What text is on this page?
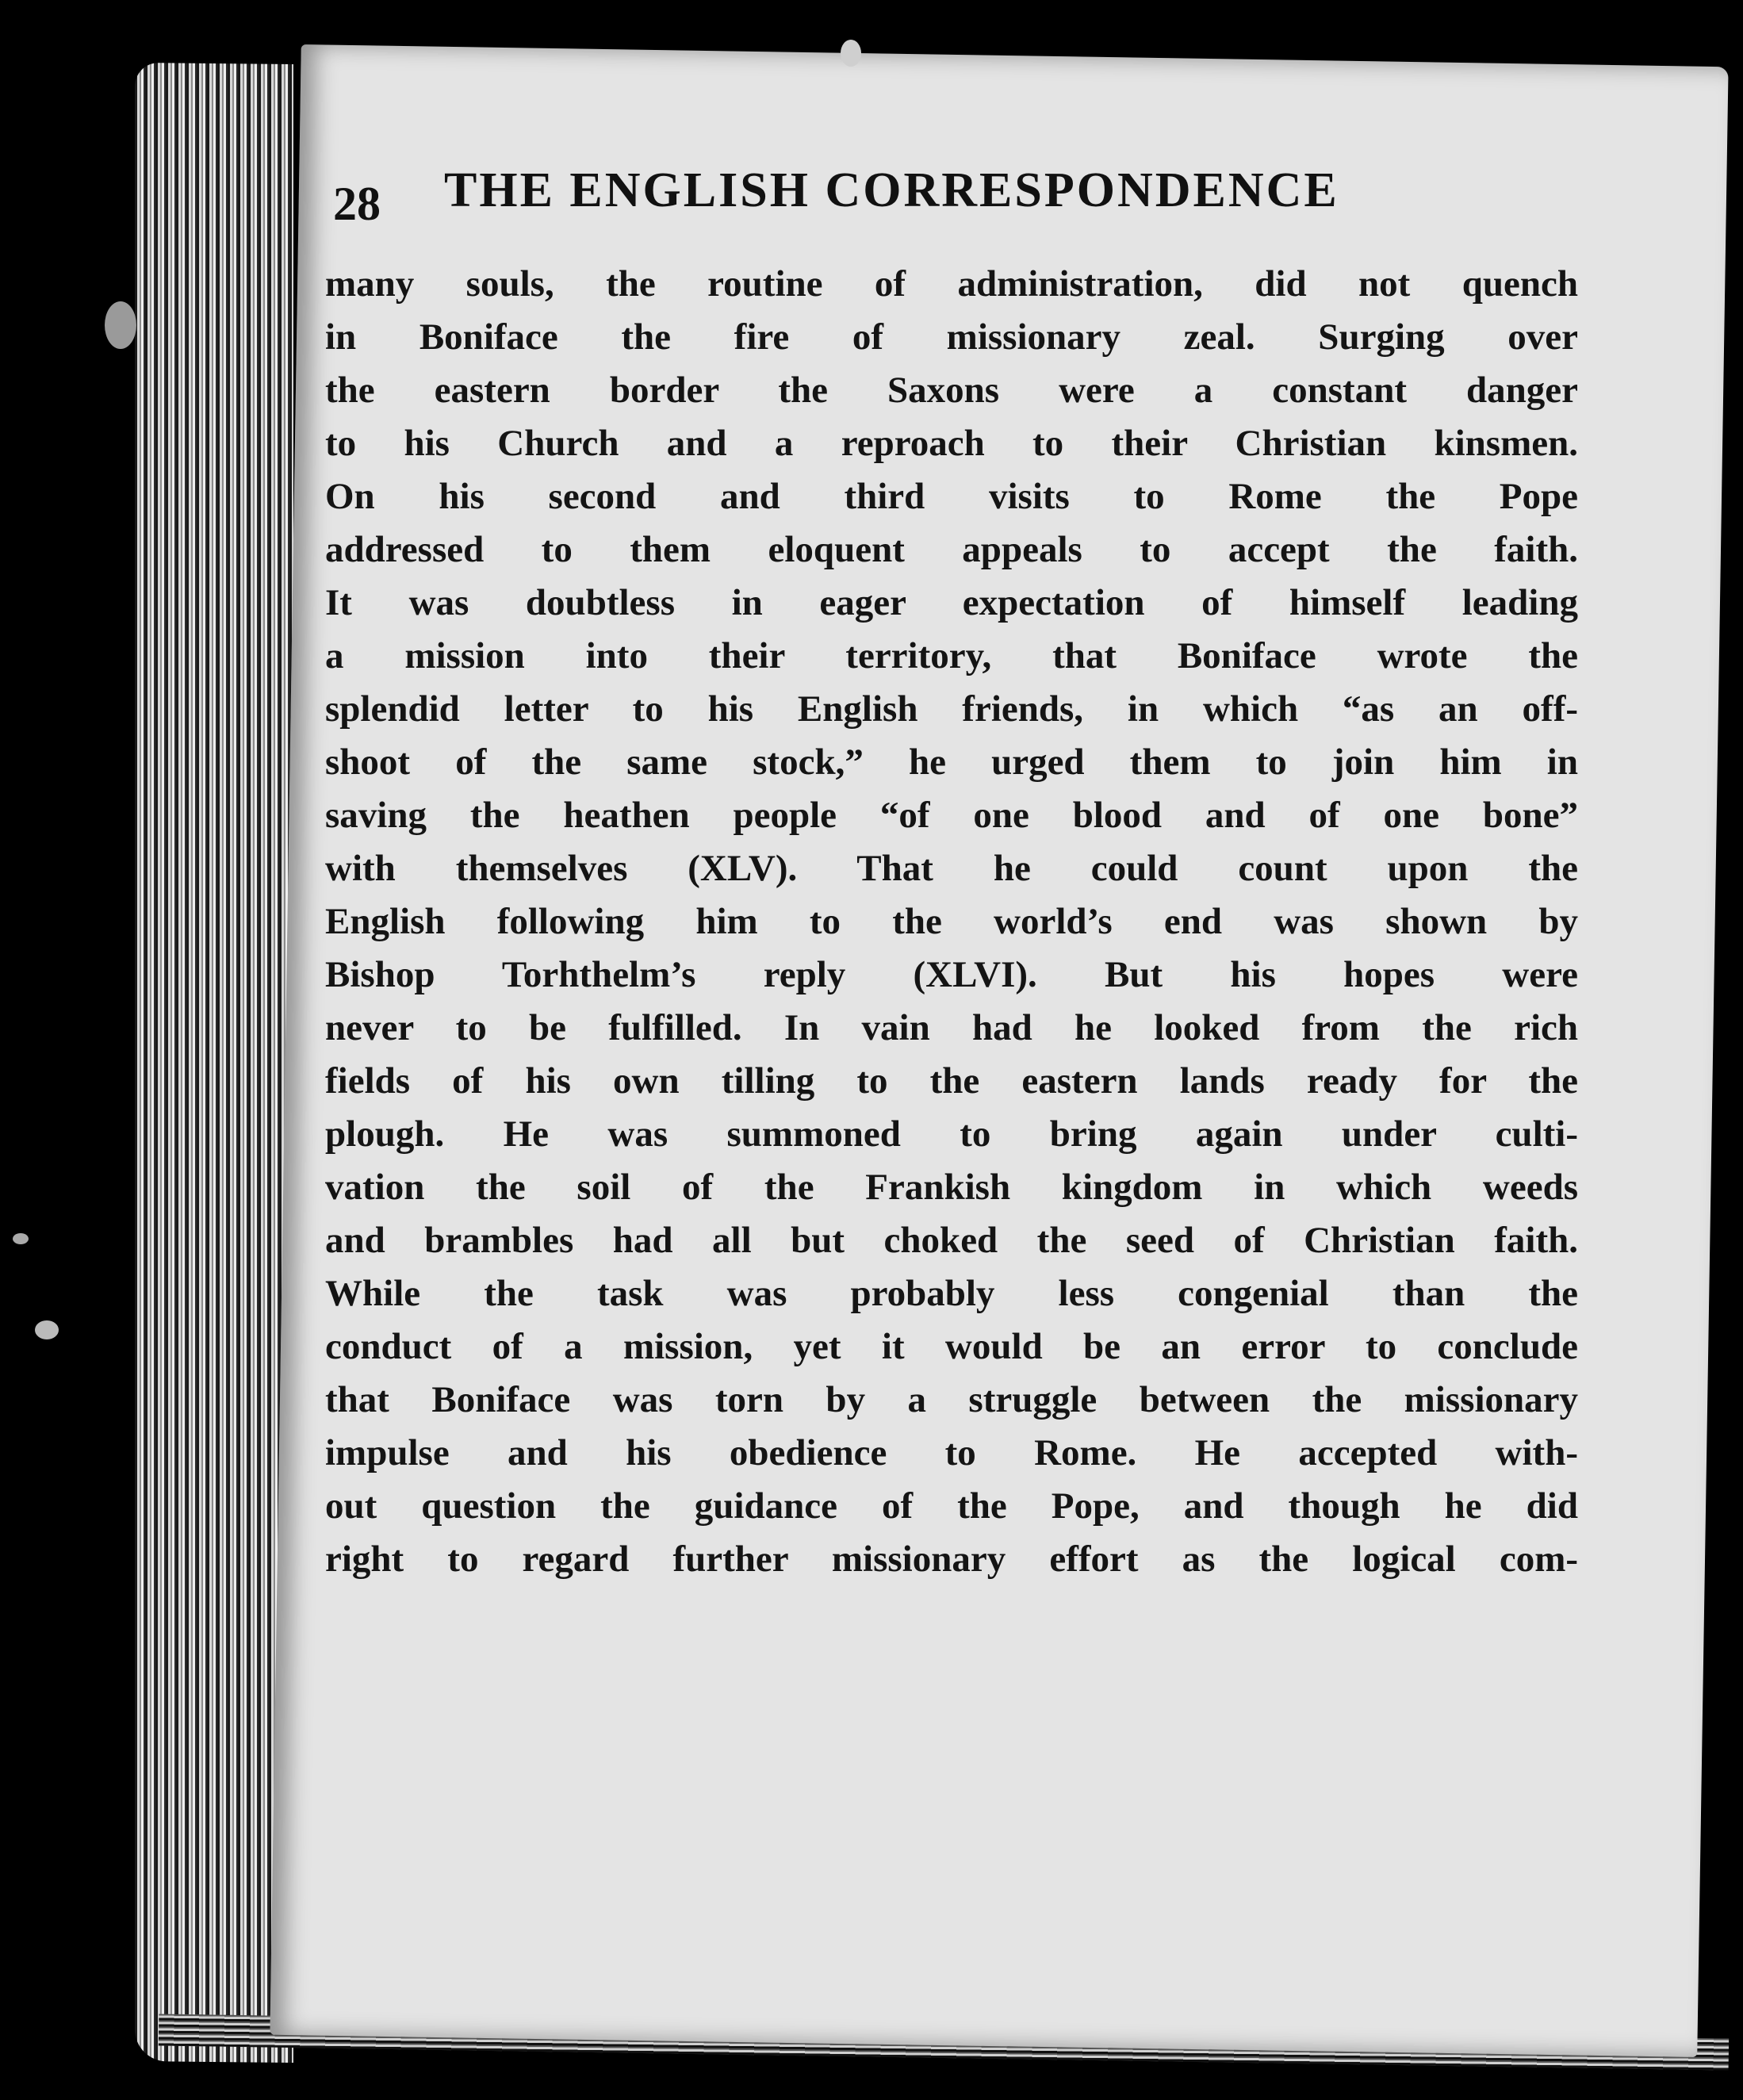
28 THE ENGLISH CORRESPONDENCE
many souls, the routine of administration, did not quench
in Boniface the fire of missionary zeal. Surging over
the eastern border the Saxons were a constant danger
to his Church and a reproach to their Christian kinsmen.
On his second and third visits to Rome the Pope
addressed to them eloquent appeals to accept the faith.
It was doubtless in eager expectation of himself leading
a mission into their territory, that Boniface wrote the
splendid letter to his English friends, in which “as an off-
shoot of the same stock,” he urged them to join him in
saving the heathen people “of one blood and of one bone”
with themselves (XLV). That he could count upon the
English following him to the world’s end was shown by
Bishop Torhthelm’s reply (XLVI). But his hopes were
never to be fulfilled. In vain had he looked from the rich
fields of his own tilling to the eastern lands ready for the
plough. He was summoned to bring again under culti-
vation the soil of the Frankish kingdom in which weeds
and brambles had all but choked the seed of Christian faith.
While the task was probably less congenial than the
conduct of a mission, yet it would be an error to conclude
that Boniface was torn by a struggle between the missionary
impulse and his obedience to Rome. He accepted with-
out question the guidance of the Pope, and though he did
right to regard further missionary effort as the logical com-
